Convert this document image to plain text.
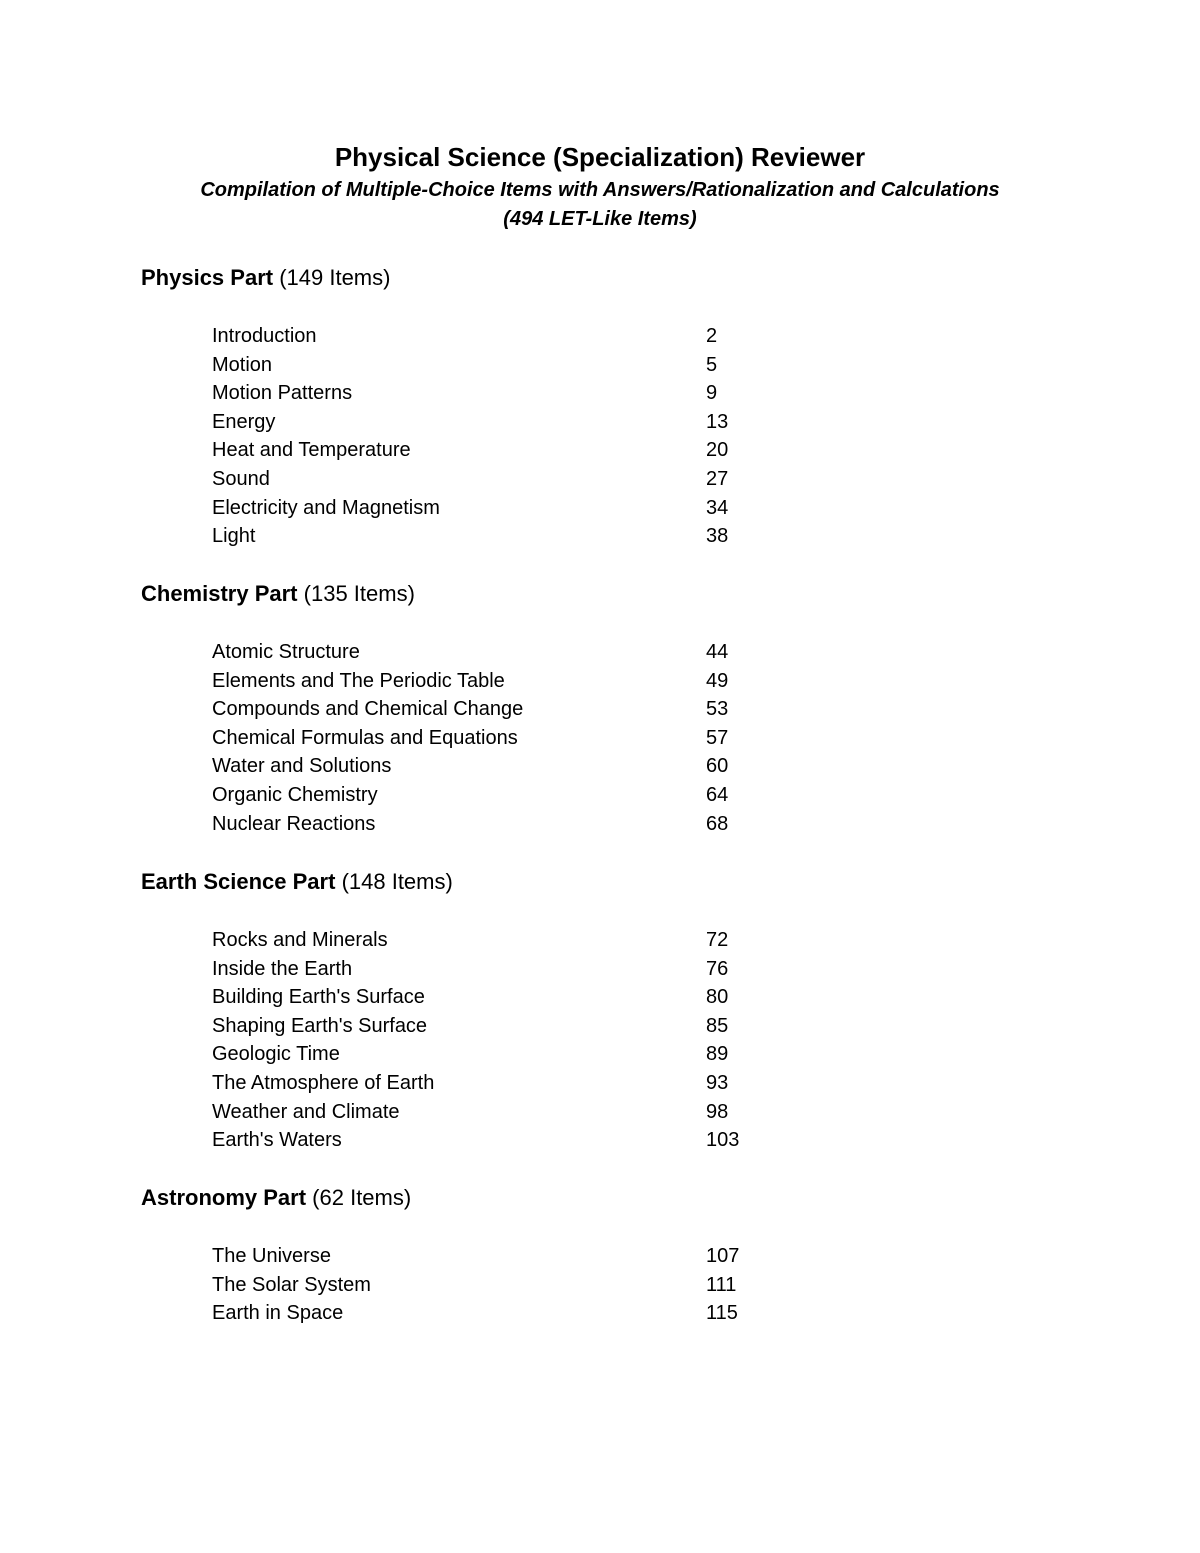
Physical Science (Specialization) Reviewer
Compilation of Multiple-Choice Items with Answers/Rationalization and Calculations
(494 LET-Like Items)
Physics Part (149 Items)
Introduction	2
Motion	5
Motion Patterns	9
Energy	13
Heat and Temperature	20
Sound	27
Electricity and Magnetism	34
Light	38
Chemistry Part (135 Items)
Atomic Structure	44
Elements and The Periodic Table	49
Compounds and Chemical Change	53
Chemical Formulas and Equations	57
Water and Solutions	60
Organic Chemistry	64
Nuclear Reactions	68
Earth Science Part (148 Items)
Rocks and Minerals	72
Inside the Earth	76
Building Earth's Surface	80
Shaping Earth's Surface	85
Geologic Time	89
The Atmosphere of Earth	93
Weather and Climate	98
Earth's Waters	103
Astronomy Part (62 Items)
The Universe	107
The Solar System	111
Earth in Space	115
